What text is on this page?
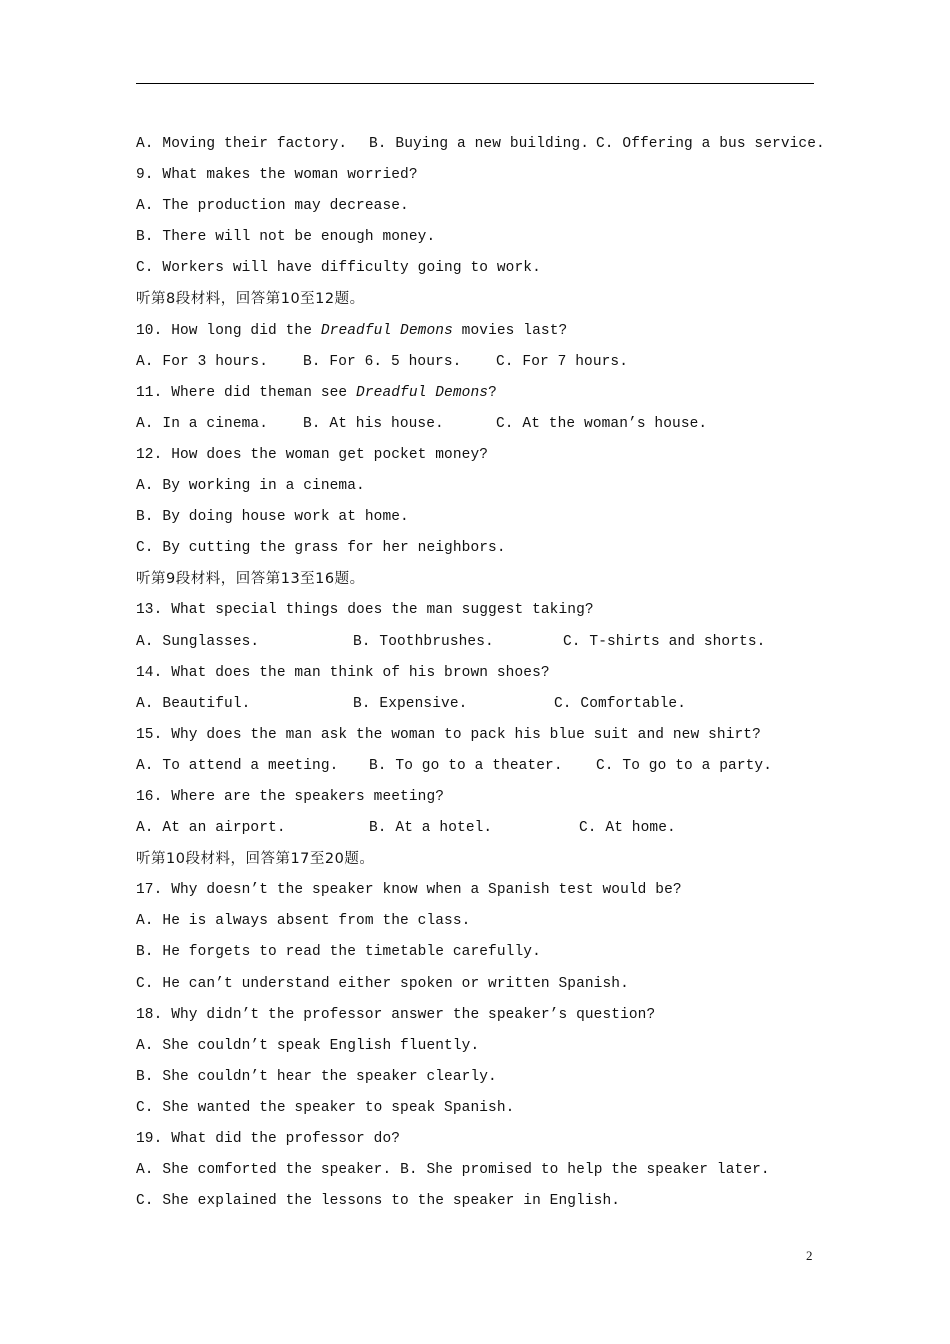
A. Moving their factory. B. Buying a new building. C. Offering a bus service.
9. What makes the woman worried?
A. The production may decrease.
B. There will not be enough money.
C. Workers will have difficulty going to work.
听第8段材料，回答第10至12题。
10. How long did the Dreadful Demons movies last?
A. For 3 hours. B. For 6. 5 hours. C. For 7 hours.
11. Where did theman see Dreadful Demons?
A. In a cinema. B. At his house.	C. At the woman’s house.
12. How does the woman get pocket money?
A. By working in a cinema.
B. By doing house work at home.
C. By cutting the grass for her neighbors.
听第9段材料，回答第13至16题。
13. What special things does the man suggest taking?
A. Sunglasses.	B. Toothbrushes.	C. T-shirts and shorts.
14. What does the man think of his brown shoes?
A. Beautiful.	B. Expensive.	C. Comfortable.
15. Why does the man ask the woman to pack his blue suit and new shirt?
A. To attend a meeting. B. To go to a theater. C. To go to a party.
16. Where are the speakers meeting?
A. At an airport.	B. At a hotel.	C. At home.
听第10段材料，回答第17至20题。
17. Why doesn’t the speaker know when a Spanish test would be?
A. He is always absent from the class.
B. He forgets to read the timetable carefully.
C. He can’t understand either spoken or written Spanish.
18. Why didn’t the professor answer the speaker’s question?
A. She couldn’t speak English fluently.
B. She couldn’t hear the speaker clearly.
C. She wanted the speaker to speak Spanish.
19. What did the professor do?
A. She comforted the speaker. B. She promised to help the speaker later.
C. She explained the lessons to the speaker in English.
2
